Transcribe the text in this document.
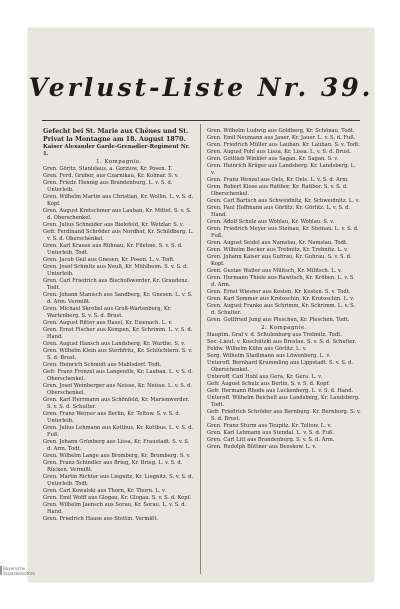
Verlust-Liste Nr. 39.
Gefecht bei St. Marie aux Chênes und St. Privat la Montagne am 18. August 1870.
Kaiser Alexander Garde-Grenadier-Regiment Nr. 1.
1. Kompagnie.

Gren. Göritz, Stanislaus, a. Gorziow, Kr. Posen. T.

Gren. Ferd. Gruber, aus Czarnikau, Kr. Kolmar. S. v.

Gren. Friedr. Hennig aus Brandenburg. L. v. S. d. Unterleib.

Gren. Wilhelm Martin aus Christian, Kr. Wollin. L. v. S. d. Kopf.

Gren. August Kretschmer aus Lauban, Kr. Mittel. S. v. S. d. Oberschenkel.

Gren. Julius Schneider aus Bielefeld, Kr. Wetzlar. S. v.

Gefr. Ferdinand Schröder aus Nordhof, Kr. Schildberg. L. v. S. d. Oberschenkel.

Gren. Karl Krause aus Rühnau, Kr. Filehne. S. v. S. d. Unterleib. Todt.

Gren. Jacob Geil aus Gnesen, Kr. Posen. L. v. Todt.

Gren. Josef Schmitz aus Neuß, Kr. Mühlheim. S. v. S. d. Unterleib.

Gren. Carl Friedrich aus Bischofswerder, Kr. Graudenz. Todt.

Gren. Johann Stanisch aus Sandberg, Kr. Gnesen. L. v. S. d. Arm. Vermißt.

Gren. Michael Skrobel aus Groß-Wartenberg, Kr. Wartenberg. S. v. S. d. Brust.

Gren. August Ritter aus Hasel, Kr. Eisenach. L. v.

Gren. Ernst Fischer aus Kempen, Kr. Schrimm. L. v. S. d. Hand.

Gren. August Hansch aus Landsberg, Kr. Warthe. S. v.

Gren. Wilhelm Klein aus Sterbfritz, Kr. Schlüchtern. S. v. S. d. Brust.

Gren. Heinrich Schmidt aus Mahlsdorf. Todt.

Gefr. Franz Frenzel aus Langenöls, Kr. Lauban. L. v. S. d. Oberschenkel.

Gren. Josef Weinberger aus Neisse, Kr. Neisse. L. v. S. d. Oberschenkel.

Gren. Karl Herrmann aus Schönfeld, Kr. Marienwerder. S. v. S. d. Schulter.

Gren. Franz Werner aus Berlin, Kr. Teltow. S. v. S. d. Unterleib.

Gren. Julius Lehmann aus Kottbus, Kr. Kottbus. L. v. S. d. Fuß.

Gren. Johann Grünberg aus Lissa, Kr. Fraustadt. S. v. S. d. Arm. Todt.

Gren. Wilhelm Lange aus Bromberg, Kr. Bromberg. S. v.

Gren. Franz Schindler aus Brieg, Kr. Brieg. L. v. S. d. Rücken. Vermißt.

Gren. Martin Richter aus Liegnitz, Kr. Liegnitz. S. v. S. d. Unterleib. Todt.

Gren. Carl Kowalski aus Thorn, Kr. Thorn. L. v.

Gren. Emil Wolff aus Glogau, Kr. Glogau. S. v. S. d. Kopf.

Gren. Wilhelm Jaensch aus Sorau, Kr. Sorau. L. v. S. d. Hand.

Gren. Friedrich Haase aus Stettin. Vermißt.

Gren. Wilhelm Ludwig aus Goldberg, Kr. Schönau. Todt.

Gren. Emil Neumann aus Jauer, Kr. Jauer. L. v. S. d. Fuß.

Gren. Friedrich Müller aus Lauban. Kr. Lauban. S. v. Todt.

Gren. August Pohl aus Lissa, Kr. Lissa. L. v. S. d. Brust.

Gren. Gottlieb Winkler aus Sagan. Kr. Sagan. S. v.

Gren. Heinrich Krüger aus Landsberg. Kr. Landsberg. L. v.

Gren. Franz Wenzel aus Oels, Kr. Oels. L. v. S. d. Arm.

Gren. Robert Klose aus Ratibor, Kr. Ratibor. S. v. S. d. Oberschenkel.

Gren. Carl Bartsch aus Schweidnitz, Kr. Schweidnitz. L. v.

Gren. Paul Hoffmann aus Görlitz. Kr. Görlitz. L. v. S. d. Hand.

Gren. Adolf Schulz aus Wohlau, Kr. Wohlau. S. v.

Gren. Friedrich Meyer aus Steinau, Kr. Steinau. L. v. S. d. Fuß.

Gren. August Seidel aus Namslau, Kr. Namslau. Todt.

Gren. Wilhelm Becker aus Trebnitz, Kr. Trebnitz. L. v.

Gren. Johann Kaiser aus Guhrau, Kr. Guhrau. S. v. S. d. Kopf.

Gren. Gustav Walter aus Militsch, Kr. Militsch. L. v.

Gren. Hermann Thiele aus Rawitsch, Kr. Kröben. L. v. S. d. Arm.

Gren. Ernst Wiesner aus Kosten, Kr. Kosten. S. v. Todt.

Gren. Karl Sommer aus Krotoschin, Kr. Krotoschin. L. v.

Gren. August Franke aus Schrimm, Kr. Schrimm. L. v. S. d. Schulter.

Gren. Gottfried Jung aus Pleschen, Kr. Pleschen. Todt.

2. Kompagnie.

Hauptm. Graf v. d. Schulenburg aus Trebnitz. Todt.

Sec.-Lieut. v. Koschützki aus Breslau. S. v. S. d. Schulter.

Feldw. Wilhelm Kühn aus Görlitz. L. v.

Serg. Wilhelm Stadlmann aus Löwenberg. L. v.

Unteroff. Bernhard Krummling aus Lippstadt. S. v. S. d. Oberschenkel.

Unteroff. Carl Hohl aus Gera, Kr. Gera. L. v.

Gefr. August Schulz aus Berlin. S. v. S. d. Kopf.

Gefr. Hermann Rhode aus Luckenberg. L. v. S. d. Hand.

Unteroff. Wilhelm Reichelt aus Landsberg, Kr. Landsberg. Todt.

Gefr. Friedrich Schröder aus Bernburg. Kr. Bernburg. S. v. S. d. Brust.

Gren. Franz Sturm aus Teupitz. Kr. Teltow. L. v.

Gren. Karl Lehmann aus Stendal. L. v. S. d. Fuß.

Gren. Carl Litt aus Brandenburg. S. v. S. d. Arm.

Gren. Rudolph Büttner aus Beeskow. L. v.

Bayerische
Staatsbibliothek
